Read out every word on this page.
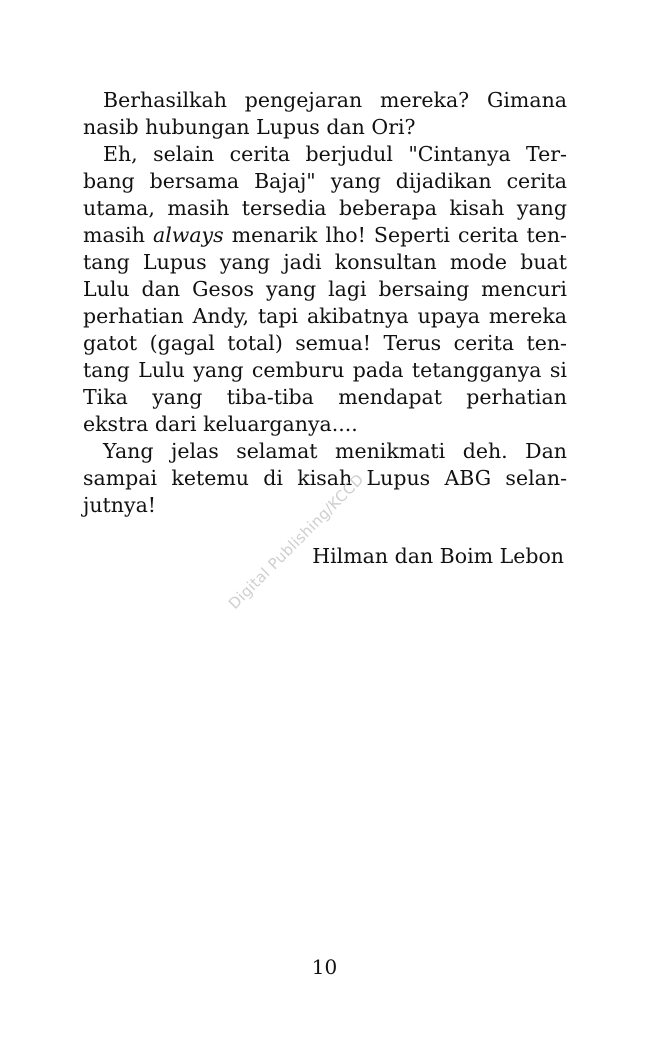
Berhasilkah pengejaran mereka? Gimana nasib hubungan Lupus dan Ori?

Eh, selain cerita berjudul "Cintanya Ter-bang bersama Bajaj" yang dijadikan cerita utama, masih tersedia beberapa kisah yang masih always menarik lho! Seperti cerita ten-tang Lupus yang jadi konsultan mode buat Lulu dan Gesos yang lagi bersaing mencuri perhatian Andy, tapi akibatnya upaya mereka gatot (gagal total) semua! Terus cerita ten-tang Lulu yang cemburu pada tetangganya si Tika yang tiba-tiba mendapat perhatian ekstra dari keluarganya....

Yang jelas selamat menikmati deh. Dan sampai ketemu di kisah Lupus ABG selan-jutnya!

Hilman dan Boim Lebon
Digital Publishing/KCCD
10
